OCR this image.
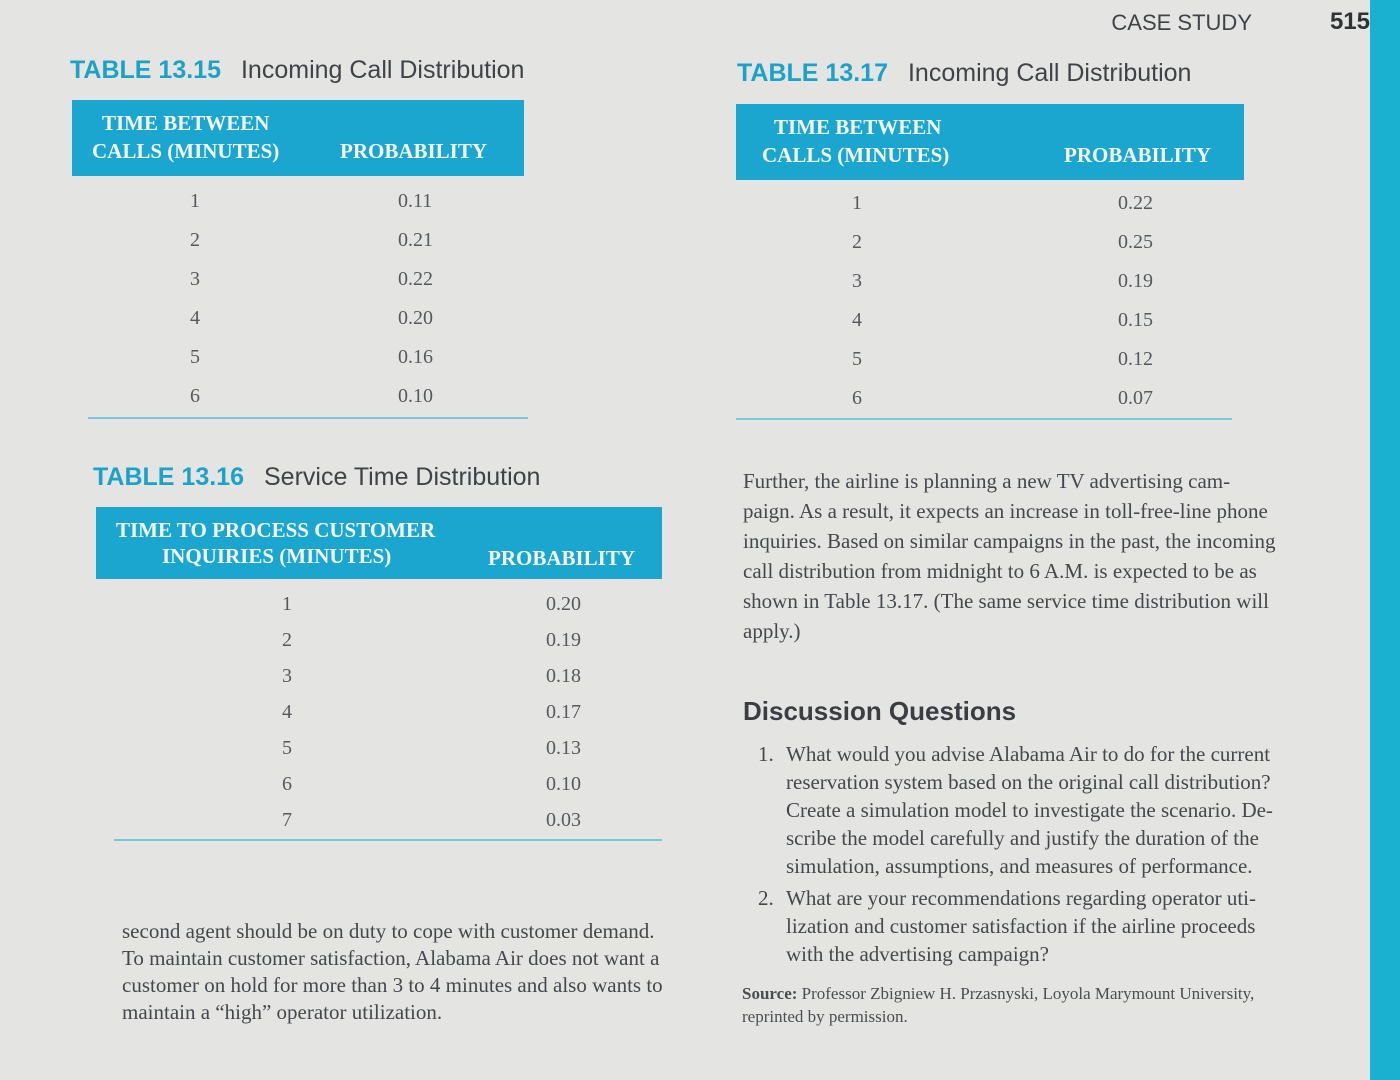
CASE STUDY	515
TABLE 13.15 Incoming Call Distribution
TIME BETWEEN
CALLS (MINUTES)	PROBABILITY
1	0.11
2	0.21
3	0.22
4	0.20
5	0.16
6	0.10
TABLE 13.17 Incoming Call Distribution
TIME BETWEEN
CALLS (MINUTES)	PROBABILITY
1	0.22
2	0.25
3	0.19
4	0.15
5	0.12
6	0.07
TABLE 13.16 Service Time Distribution
TIME TO PROCESS CUSTOMER
INQUIRIES (MINUTES)	PROBABILITY
1	0.20
2	0.19
3	0.18
4	0.17
5	0.13
6	0.10
7	0.03
second agent should be on duty to cope with customer demand.
To maintain customer satisfaction, Alabama Air does not want a
customer on hold for more than 3 to 4 minutes and also wants to
maintain a “high” operator utilization.
Further, the airline is planning a new TV advertising cam-
paign. As a result, it expects an increase in toll-free-line phone
inquiries. Based on similar campaigns in the past, the incoming
call distribution from midnight to 6 A.M. is expected to be as
shown in Table 13.17. (The same service time distribution will
apply.)
Discussion Questions
1. What would you advise Alabama Air to do for the current
reservation system based on the original call distribution?
Create a simulation model to investigate the scenario. De-
scribe the model carefully and justify the duration of the
simulation, assumptions, and measures of performance.
2. What are your recommendations regarding operator uti-
lization and customer satisfaction if the airline proceeds
with the advertising campaign?
Source: Professor Zbigniew H. Przasnyski, Loyola Marymount University,
reprinted by permission.
